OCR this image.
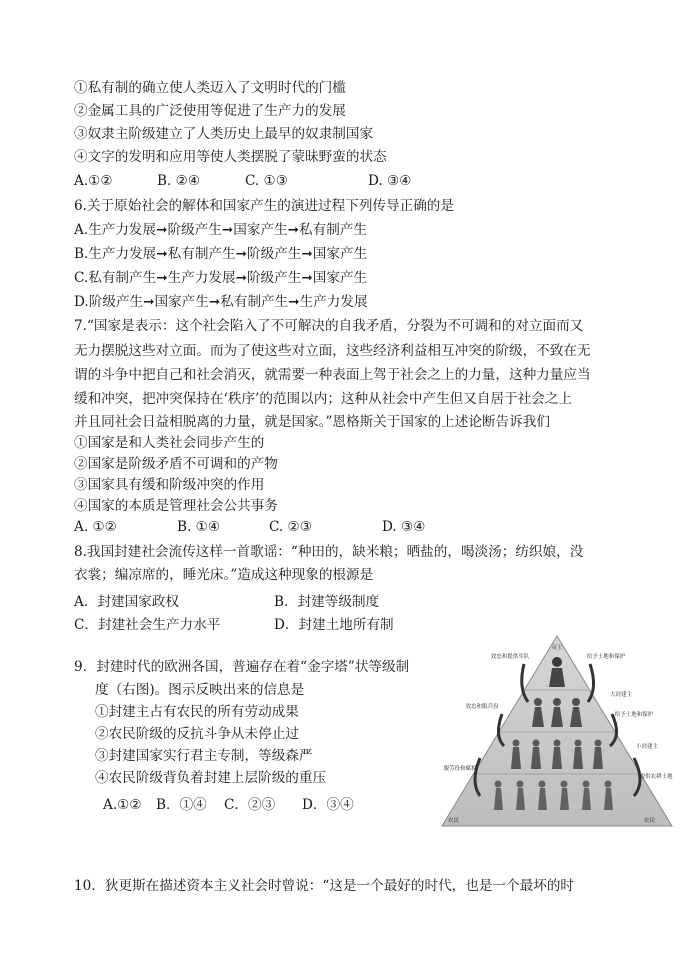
①私有制的确立使人类迈入了文明时代的门槛
②金属工具的广泛使用等促进了生产力的发展
③奴隶主阶级建立了人类历史上最早的奴隶制国家
④文字的发明和应用等使人类摆脱了蒙昧野蛮的状态
A.①②	B. ②④	C. ①③	D. ③④
6.关于原始社会的解体和国家产生的演进过程下列传导正确的是
A.生产力发展➞阶级产生➞国家产生➞私有制产生
B.生产力发展➞私有制产生➞阶级产生➞国家产生
C.私有制产生➞生产力发展➞阶级产生➞国家产生
D.阶级产生➞国家产生➞私有制产生➞生产力发展
7.“国家是表示：这个社会陷入了不可解决的自我矛盾，分裂为不可调和的对立面而又
无力摆脱这些对立面。而为了使这些对立面，这些经济利益相互冲突的阶级，不致在无
谓的斗争中把自己和社会消灭，就需要一种表面上驾于社会之上的力量，这种力量应当
缓和冲突，把冲突保持在‘秩序’的范围以内；这种从社会中产生但又自居于社会之上
并且同社会日益相脱离的力量，就是国家。”恩格斯关于国家的上述论断告诉我们
①国家是和人类社会同步产生的
②国家是阶级矛盾不可调和的产物
③国家具有缓和阶级冲突的作用
④国家的本质是管理社会公共事务
A. ①②	B. ①④	C. ②③	D. ③④
8.我国封建社会流传这样一首歌谣：“种田的，缺米粮；晒盐的，喝淡汤；纺织娘，没
衣裳；编凉席的，睡光床。”造成这种现象的根源是
A．封建国家政权	B．封建等级制度
C．封建社会生产力水平	D．封建土地所有制
9．封建时代的欧洲各国，普遍存在着“金字塔”状等级制
度（右图)。图示反映出来的信息是
①封建主占有农民的所有劳动成果
②农民阶级的反抗斗争从未停止过
③封建国家实行君主专制，等级森严
④农民阶级背负着封建上层阶级的重压
A.①② B．①④ C．②③ D．③④
帝王
效忠和提供军队	给予土地和保护
大封建主
效忠和服兵役
给予土地和保护
小封建主
服劳役和赋税
提供农耕土地
农民	农民
10．狄更斯在描述资本主义社会时曾说：“这是一个最好的时代，也是一个最坏的时
